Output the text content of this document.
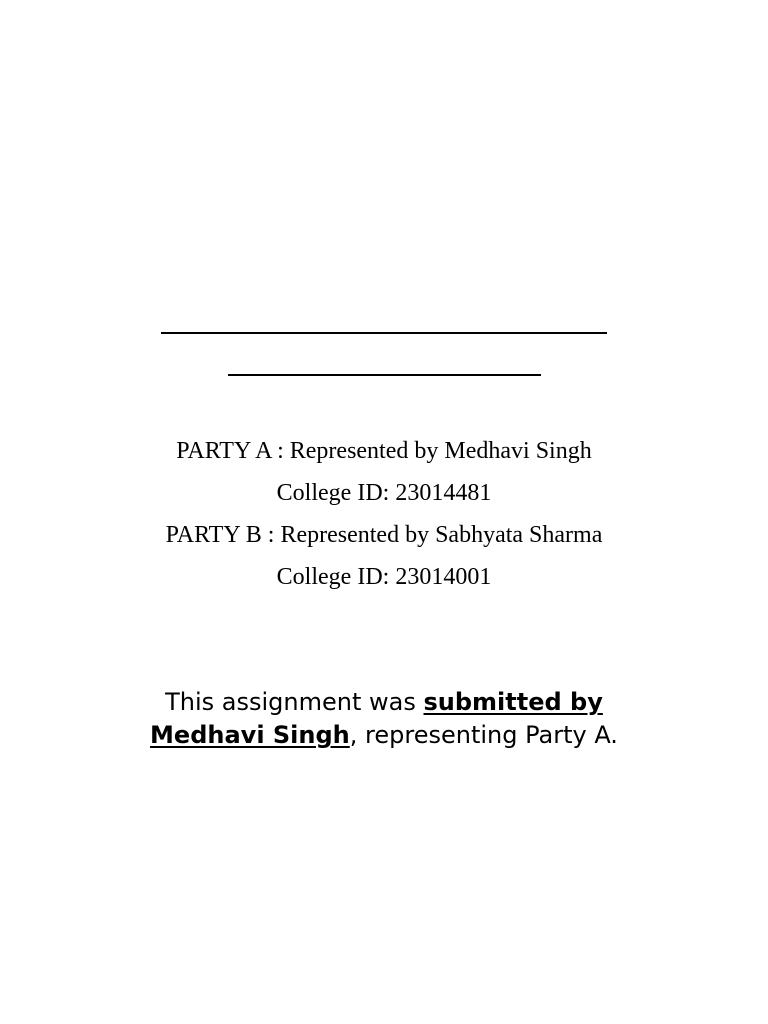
PARTY A : Represented by Medhavi Singh
College ID: 23014481
PARTY B : Represented by Sabhyata Sharma
College ID: 23014001

This assignment was submitted by Medhavi Singh, representing Party A.
